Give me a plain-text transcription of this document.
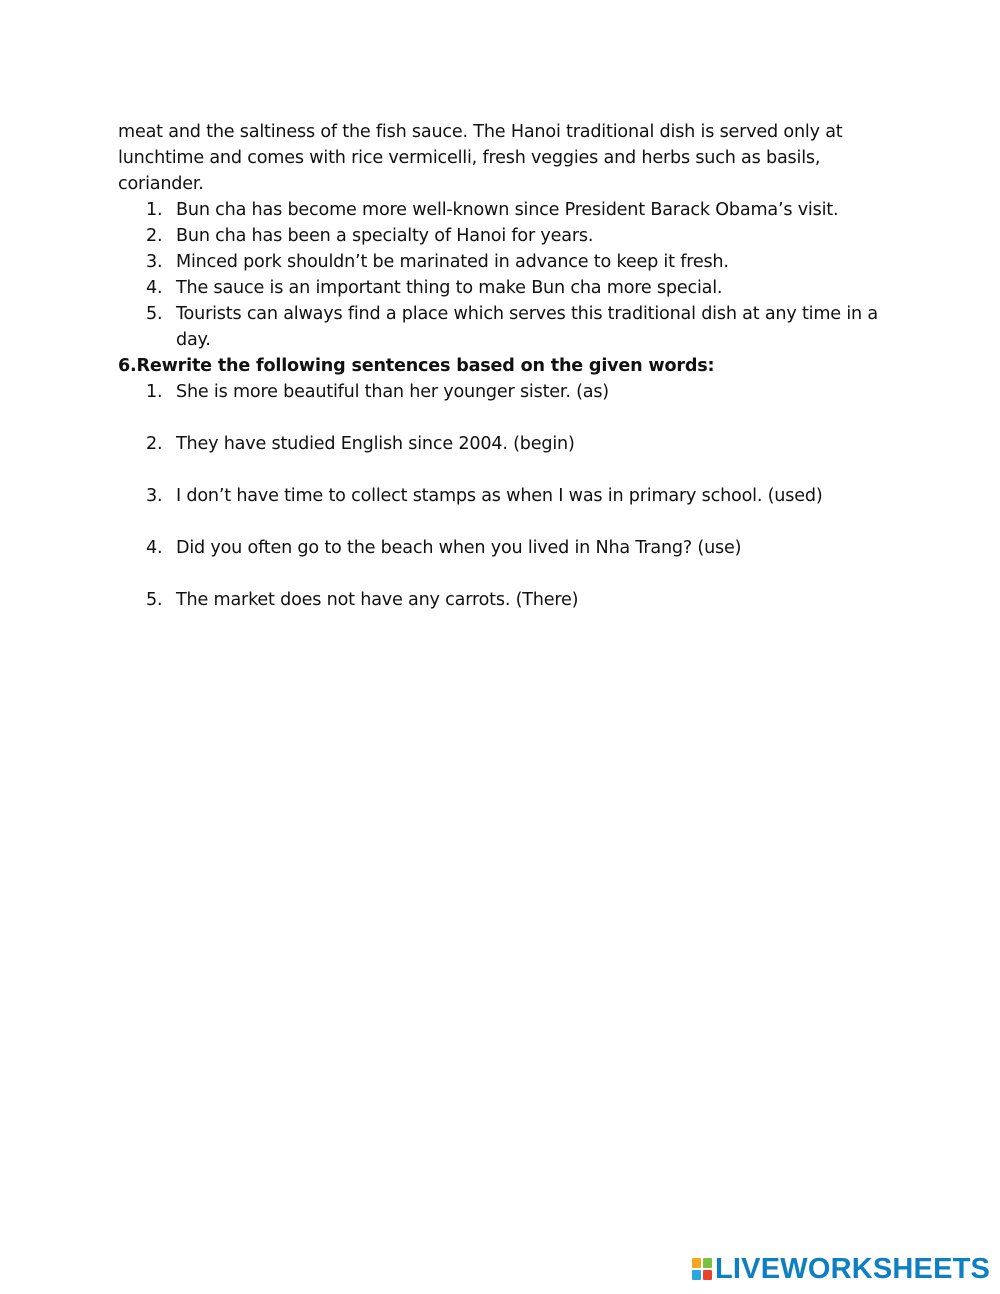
meat and the saltiness of the fish sauce. The Hanoi traditional dish is served only at lunchtime and comes with rice vermicelli, fresh veggies and herbs such as basils, coriander.

1. Bun cha has become more well-known since President Barack Obama’s visit.
2. Bun cha has been a specialty of Hanoi for years.
3. Minced pork shouldn’t be marinated in advance to keep it fresh.
4. The sauce is an important thing to make Bun cha more special.
5. Tourists can always find a place which serves this traditional dish at any time in a day.

6.Rewrite the following sentences based on the given words:

1. She is more beautiful than her younger sister. (as)
2. They have studied English since 2004. (begin)
3. I don’t have time to collect stamps as when I was in primary school. (used)
4. Did you often go to the beach when you lived in Nha Trang? (use)
5. The market does not have any carrots. (There)
LIVEWORKSHEETS
